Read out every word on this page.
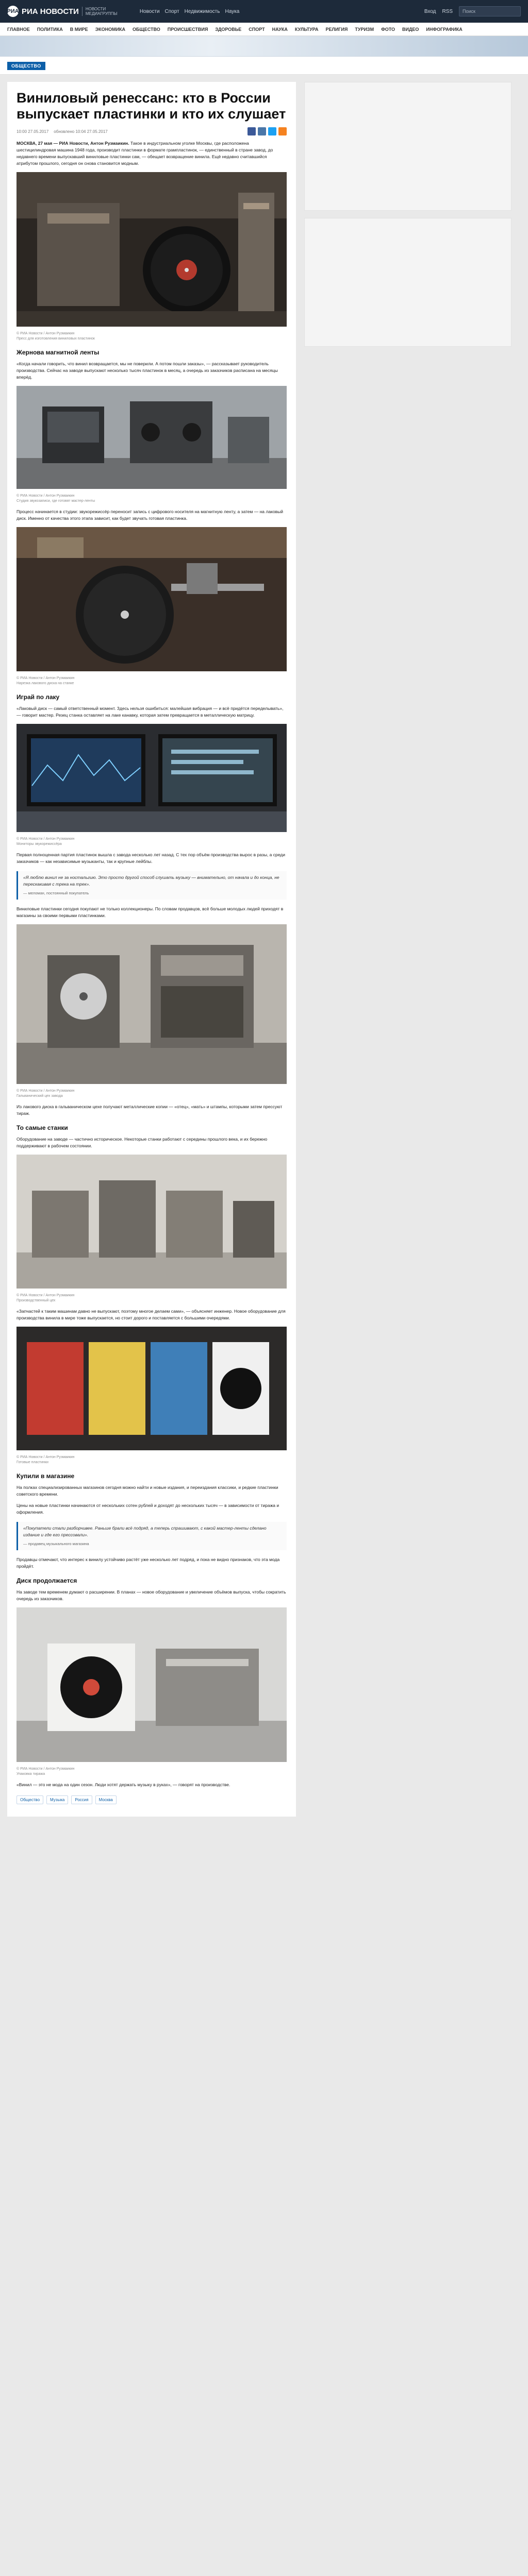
РИА РИА НОВОСТИ	НОВОСТИ МЕДИАГРУППЫ	Новости Спорт Недвижимость Наука	Вход RSS	Поиск
ГЛАВНОЕ ПОЛИТИКА В МИРЕ ЭКОНОМИКА ОБЩЕСТВО ПРОИСШЕСТВИЯ ЗДОРОВЬЕ СПОРТ НАУКА КУЛЬТУРА РЕЛИГИЯ ТУРИЗМ ФОТО ВИДЕО ИНФОГРАФИКА
ОБЩЕСТВО
Виниловый ренессанс: кто в России выпускает пластинки и кто их слушает
10:00 27.05.2017 обновлено 10:04 27.05.2017

МОСКВА, 27 мая — РИА Новости, Антон Рузмаикин. Такое в индустриальном уголке Москвы, где расположена шестицилиндровая машина 1948 года, производит пластинки в формате грампластинок, — единственный в стране завод, до недавнего времени выпускавший виниловые пластинки сам, — обещает возвращение винила. Ещё недавно считавшийся атрибутом прошлого, сегодня он снова становится модным.

© РИА Новости / Антон Рузмаикин
Пресс для изготовления виниловых пластинок
Жернова магнитной ленты

«Когда начали говорить, что винил возвращается, мы не поверили. А потом пошли заказы», — рассказывает руководитель производства. Сейчас на заводе выпускают несколько тысяч пластинок в месяц, а очередь из заказчиков расписана на месяцы вперёд.

© РИА Новости / Антон Рузмаикин
Студия звукозаписи, где готовят мастер-ленты

Процесс начинается в студии: звукорежиссёр переносит запись с цифрового носителя на магнитную ленту, а затем — на лаковый диск. Именно от качества этого этапа зависит, как будет звучать готовая пластинка.

© РИА Новости / Антон Рузмаикин
Нарезка лакового диска на станке
Играй по лаку

«Лаковый диск — самый ответственный момент. Здесь нельзя ошибиться: малейшая вибрация — и всё придётся переделывать», — говорит мастер. Резец станка оставляет на лаке канавку, которая затем превращается в металлическую матрицу.

© РИА Новости / Антон Рузмаикин
Мониторы звукорежиссёра

Первая полноценная партия пластинок вышла с завода несколько лет назад. С тех пор объём производства вырос в разы, а среди заказчиков — как независимые музыканты, так и крупные лейблы.

«Я люблю винил не за ностальгию. Это просто другой способ слушать музыку — внимательно, от начала и до конца, не перескакивая с трека на трек».
— меломан, постоянный покупатель

Виниловые пластинки сегодня покупают не только коллекционеры. По словам продавцов, всё больше молодых людей приходят в магазины за своими первыми пластинками.

© РИА Новости / Антон Рузмаикин
Гальванический цех завода

Из лакового диска в гальваническом цехе получают металлические копии — «отец», «мать» и штампы, которыми затем прессуют тираж.

То самые станки

Оборудование на заводе — частично историческое. Некоторые станки работают с середины прошлого века, и их бережно поддерживают в рабочем состоянии.

© РИА Новости / Антон Рузмаикин
Производственный цех

«Запчастей к таким машинам давно не выпускают, поэтому многое делаем сами», — объясняет инженер. Новое оборудование для производства винила в мире тоже выпускается, но стоит дорого и поставляется с большими очередями.

© РИА Новости / Антон Рузмаикин
Готовые пластинки
Купили в магазине

На полках специализированных магазинов сегодня можно найти и новые издания, и переиздания классики, и редкие пластинки советского времени.

Цены на новые пластинки начинаются от нескольких сотен рублей и доходят до нескольких тысяч — в зависимости от тиража и оформления.

«Покупатели стали разборчивее. Раньше брали всё подряд, а теперь спрашивают, с какой мастер-ленты сделано издание и где его прессовали».
— продавец музыкального магазина

Продавцы отмечают, что интерес к винилу устойчиво растёт уже несколько лет подряд, и пока не видно признаков, что эта мода пройдёт.

Диск продолжается

На заводе тем временем думают о расширении. В планах — новое оборудование и увеличение объёмов выпуска, чтобы сократить очередь из заказчиков.

© РИА Новости / Антон Рузмаикин
Упаковка тиража

«Винил — это не мода на один сезон. Люди хотят держать музыку в руках», — говорят на производстве.

Общество	Музыка	Россия	Москва
